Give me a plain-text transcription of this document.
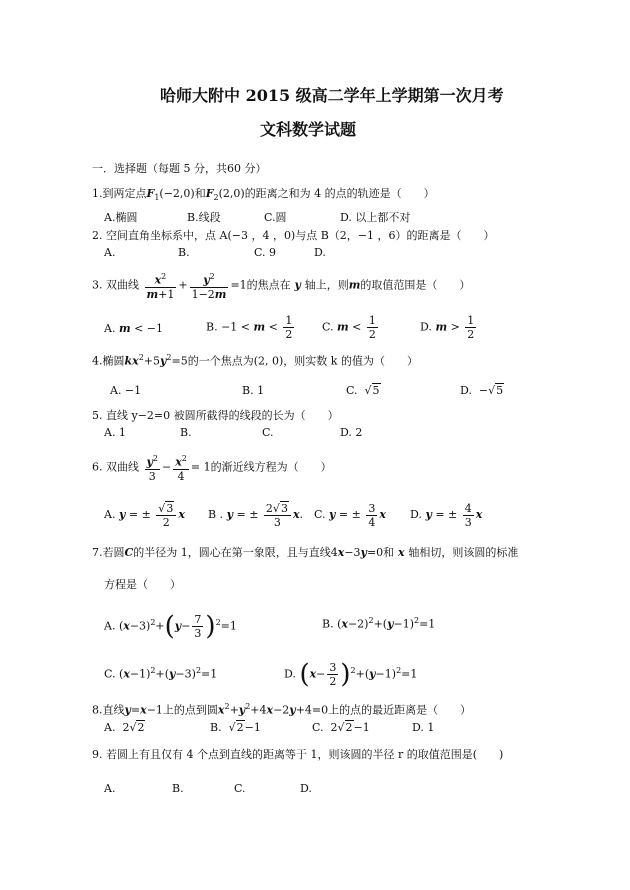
哈师大附中 2015 级高二学年上学期第一次月考
文科数学试题
一．选择题（每题 5 分，共60 分）
1.到两定点$F_1(-2,0)$和$F_2(2,0)$的距离之和为 4 的点的轨迹是（　　）
A.椭圆	B.线段	C.圆	D. 以上都不对
2. 空间直角坐标系中，点 A(−3 ，4 ，0)与点 B（2，−1 ，6）的距离是（　　）
A.	B.	C. 9	D.
3. 双曲线 $\frac{x^2}{m+1} + \frac{y^2}{1-2m} =1$的焦点在 y 轴上，则m的取值范围是（　　）
A. m < −1	B. $-1 < m < \frac{1}{2}$	C. $m < \frac{1}{2}$	D. $m > \frac{1}{2}$
4.椭圆$kx^2+5y^2=5$的一个焦点为(2, 0)，则实数 k 的值为（　　）
A. −1	B. 1	C.  √5	D.  −√5
5. 直线 y−2=0 被圆所截得的线段的长为（　　）
A. 1	B.	C.	D. 2
6. 双曲线 $\frac{y^2}{3} - \frac{x^2}{4} = 1$的渐近线方程为（　　）
A. y = ± $\frac{√3}{2}$ x B . y = ± $\frac{2√3}{3} x$. C. y = ± $\frac{3}{4}$ x D. y = ± $\frac{4}{3}$ x
7.若圆C的半径为 1，圆心在第一象限，且与直线4x−3y=0和 x 轴相切，则该圆的标准
方程是（　　）
A. $(x-3)^2+(y- \frac{7}{3} )^2=1$	B. $(x-2)^2+(y-1)^2=1$
C. $(x-1)^2+(y-3)^2=1$	D. $(x- \frac{3}{2} )^2+(y-1)^2=1$
8.直线y=x−1上的点到圆$x^2+y^2+4x-2y+4=0$上的点的最近距离是（　　）
A.  2√2	B.  √2−1	C.  2√2−1	D. 1
9. 若圆上有且仅有 4 个点到直线的距离等于 1，则该圆的半径 r 的取值范围是(　　)
A.	B.	C.	D.
